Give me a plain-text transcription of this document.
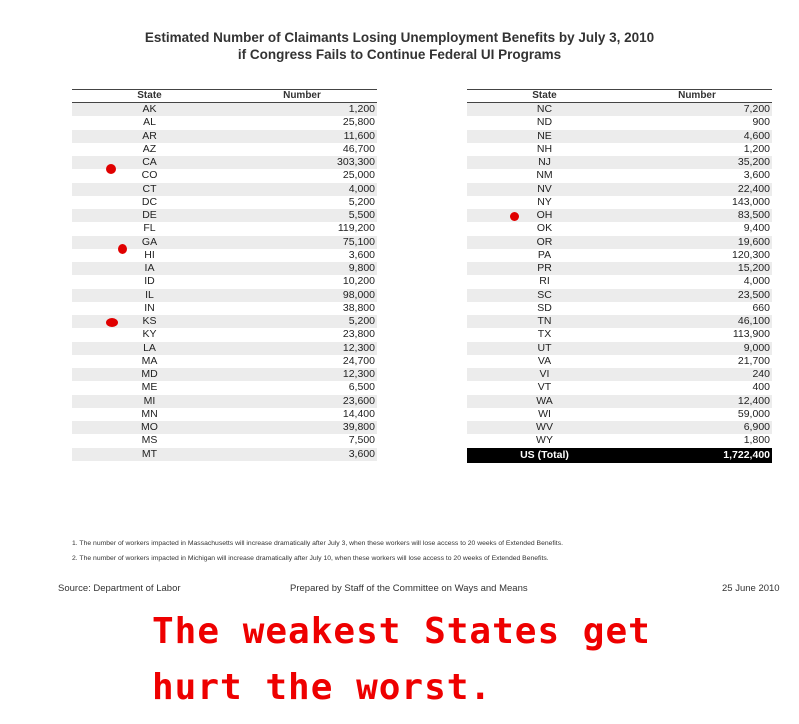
Estimated Number of Claimants Losing Unemployment Benefits by July 3, 2010
if Congress Fails to Continue Federal UI Programs
State	Number
AK	1,200
AL	25,800
AR	11,600
AZ	46,700
CA	303,300
CO	25,000
CT	4,000
DC	5,200
DE	5,500
FL	119,200
GA	75,100
HI	3,600
IA	9,800
ID	10,200
IL	98,000
IN	38,800
KS	5,200
KY	23,800
LA	12,300
MA	24,700
MD	12,300
ME	6,500
MI	23,600
MN	14,400
MO	39,800
MS	7,500
MT	3,600
State	Number
NC	7,200
ND	900
NE	4,600
NH	1,200
NJ	35,200
NM	3,600
NV	22,400
NY	143,000
OH	83,500
OK	9,400
OR	19,600
PA	120,300
PR	15,200
RI	4,000
SC	23,500
SD	660
TN	46,100
TX	113,900
UT	9,000
VA	21,700
VI	240
VT	400
WA	12,400
WI	59,000
WV	6,900
WY	1,800
US (Total)	1,722,400
1. The number of workers impacted in Massachusetts will increase dramatically after July 3, when these workers will lose access to 20 weeks of Extended Benefits.
2. The number of workers impacted in Michigan will increase dramatically after July 10, when these workers will lose access to 20 weeks of Extended Benefits.
Source: Department of Labor	Prepared by Staff of the Committee on Ways and Means	25 June 2010
The weakest States get
hurt the worst.
